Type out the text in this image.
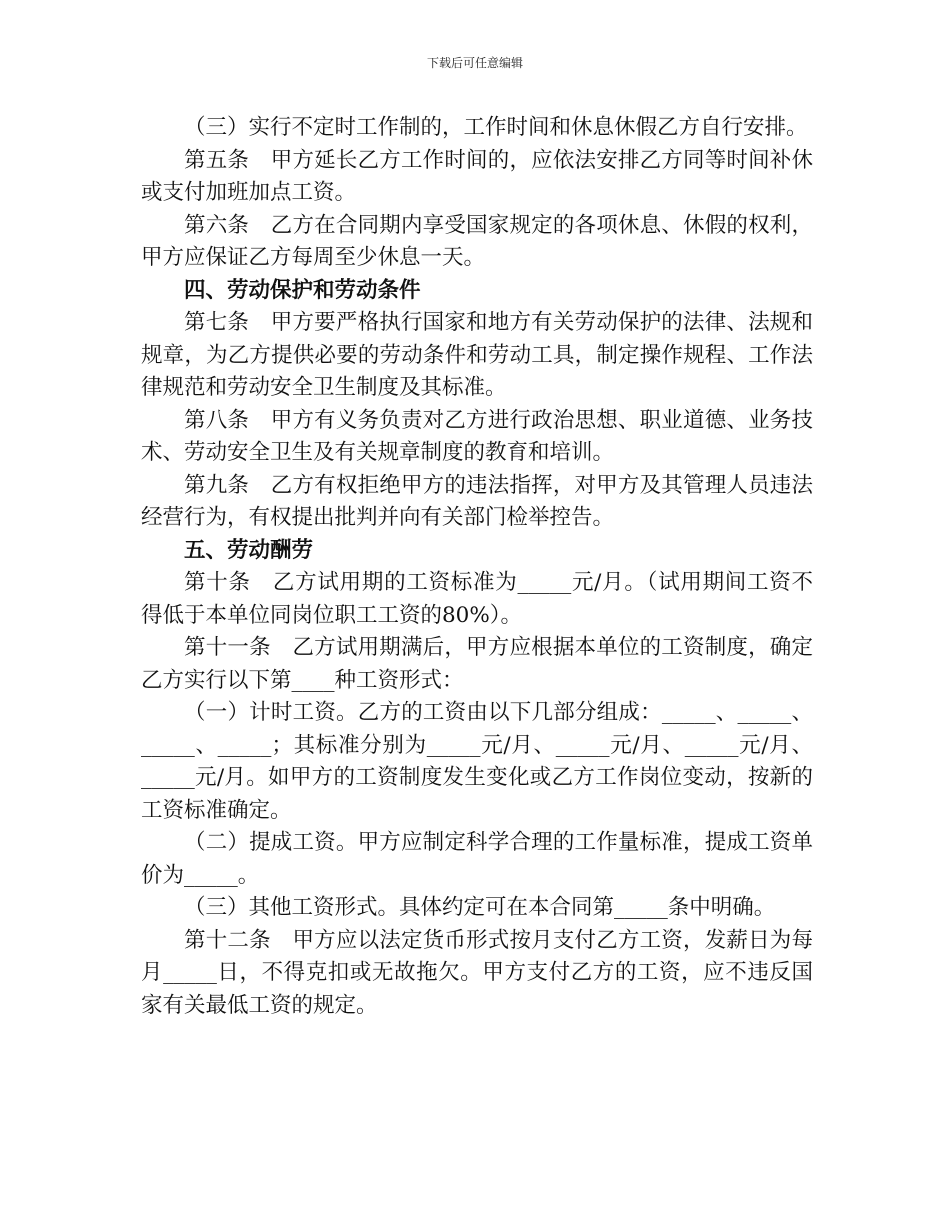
下载后可任意编辑

（三）实行不定时工作制的，工作时间和休息休假乙方自行安排。

第五条　甲方延长乙方工作时间的，应依法安排乙方同等时间补休或支付加班加点工资。

第六条　乙方在合同期内享受国家规定的各项休息、休假的权利，甲方应保证乙方每周至少休息一天。

四、劳动保护和劳动条件

第七条　甲方要严格执行国家和地方有关劳动保护的法律、法规和规章，为乙方提供必要的劳动条件和劳动工具，制定操作规程、工作法律规范和劳动安全卫生制度及其标准。

第八条　甲方有义务负责对乙方进行政治思想、职业道德、业务技术、劳动安全卫生及有关规章制度的教育和培训。

第九条　乙方有权拒绝甲方的违法指挥，对甲方及其管理人员违法经营行为，有权提出批判并向有关部门检举控告。

五、劳动酬劳

第十条　乙方试用期的工资标准为_____元/月。（试用期间工资不得低于本单位同岗位职工工资的80%）。

第十一条　乙方试用期满后，甲方应根据本单位的工资制度，确定乙方实行以下第____种工资形式：

（一）计时工资。乙方的工资由以下几部分组成：_____、_____、_____、_____；其标准分别为_____元/月、_____元/月、_____元/月、_____元/月。如甲方的工资制度发生变化或乙方工作岗位变动，按新的工资标准确定。

（二）提成工资。甲方应制定科学合理的工作量标准，提成工资单价为_____。

（三）其他工资形式。具体约定可在本合同第_____条中明确。

第十二条　甲方应以法定货币形式按月支付乙方工资，发薪日为每月_____日，不得克扣或无故拖欠。甲方支付乙方的工资，应不违反国家有关最低工资的规定。
